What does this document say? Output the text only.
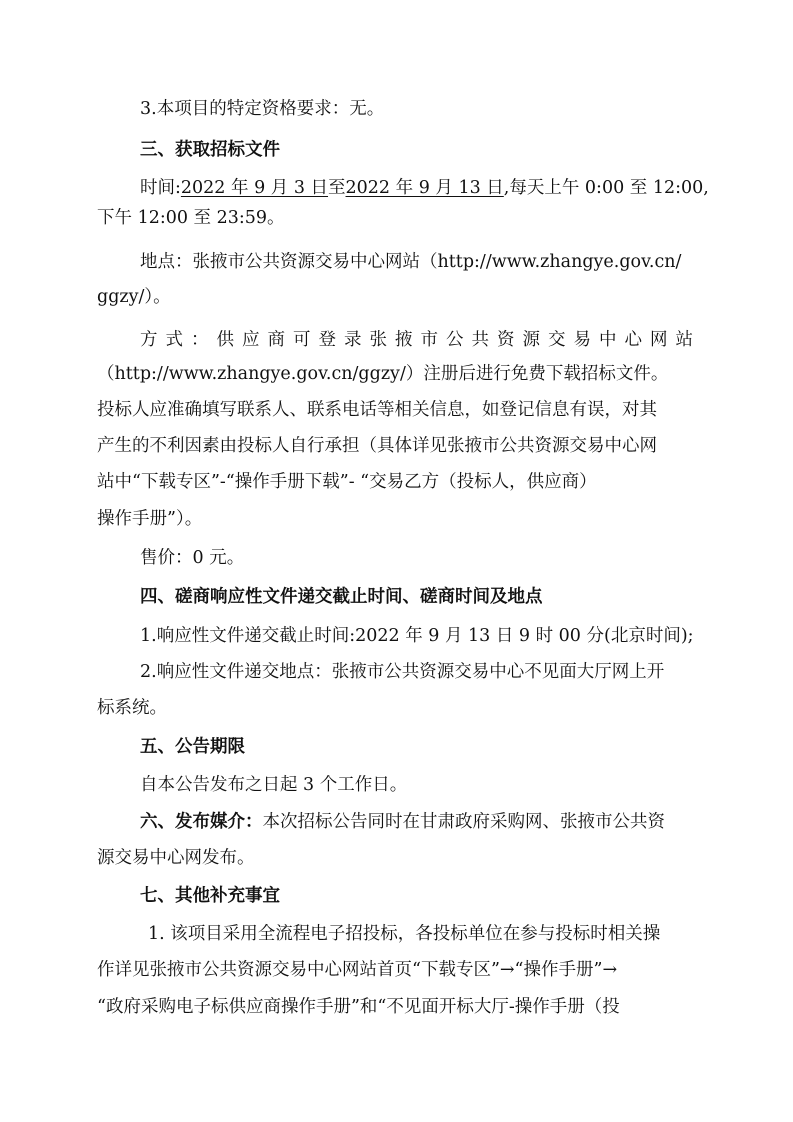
3.本项目的特定资格要求：无。
三、获取招标文件
时间:2022 年 9 月 3 日至2022 年 9 月 13 日,每天上午 0:00 至 12:00,
下午 12:00 至 23:59。
地点：张掖市公共资源交易中心网站（http://www.zhangye.gov.cn/
ggzy/）。
方 式 ： 供 应 商 可 登 录 张 掖 市 公 共 资 源 交 易 中 心 网 站
（http://www.zhangye.gov.cn/ggzy/）注册后进行免费下载招标文件。
投标人应准确填写联系人、联系电话等相关信息，如登记信息有误，对其
产生的不利因素由投标人自行承担（具体详见张掖市公共资源交易中心网
站中“下载专区”-“操作手册下载”- “交易乙方（投标人，供应商）
操作手册”）。
售价：0 元。
四、磋商响应性文件递交截止时间、磋商时间及地点
1.响应性文件递交截止时间:2022 年 9 月 13 日 9 时 00 分(北京时间);
2.响应性文件递交地点：张掖市公共资源交易中心不见面大厅网上开
标系统。
五、公告期限
自本公告发布之日起 3 个工作日。
六、发布媒介：本次招标公告同时在甘肃政府采购网、张掖市公共资
源交易中心网发布。
七、其他补充事宜
1. 该项目采用全流程电子招投标，各投标单位在参与投标时相关操
作详见张掖市公共资源交易中心网站首页“下载专区”→“操作手册”→
“政府采购电子标供应商操作手册”和“不见面开标大厅-操作手册（投
